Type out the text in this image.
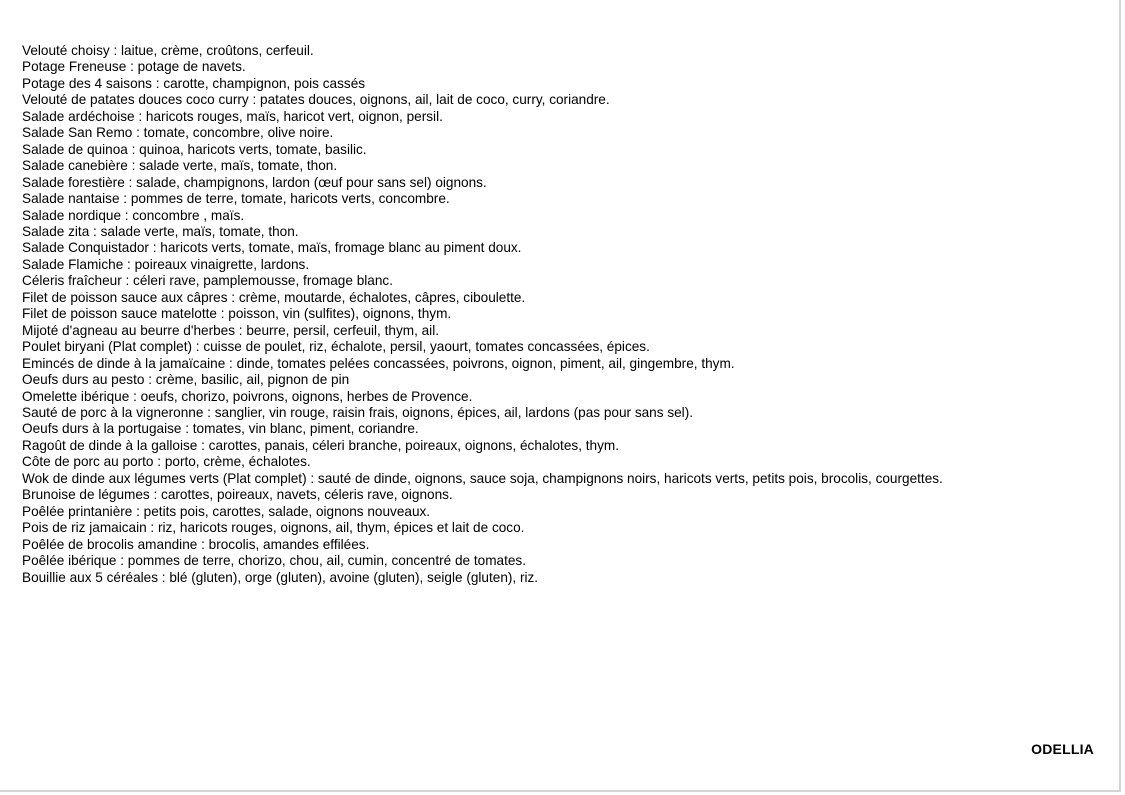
Velouté choisy : laitue, crème, croûtons, cerfeuil.
Potage Freneuse : potage de navets.
Potage des 4 saisons : carotte, champignon, pois cassés
Velouté de patates douces coco curry : patates douces, oignons, ail, lait de coco, curry, coriandre.
Salade ardéchoise : haricots rouges, maïs, haricot vert, oignon, persil.
Salade San Remo : tomate, concombre, olive noire.
Salade de quinoa : quinoa, haricots verts, tomate, basilic.
Salade canebière : salade verte, maïs, tomate, thon.
Salade forestière : salade, champignons, lardon (œuf pour sans sel) oignons.
Salade nantaise : pommes de terre, tomate, haricots verts, concombre.
Salade nordique : concombre , maïs.
Salade zita : salade verte, maïs, tomate, thon.
Salade Conquistador : haricots verts, tomate, maïs, fromage blanc au piment doux.
Salade Flamiche : poireaux vinaigrette, lardons.
Céleris fraîcheur : céleri rave, pamplemousse, fromage blanc.
Filet de poisson sauce aux câpres : crème, moutarde, échalotes, câpres, ciboulette.
Filet de poisson sauce matelotte : poisson, vin (sulfites), oignons, thym.
Mijoté d'agneau au beurre d'herbes : beurre, persil, cerfeuil, thym, ail.
Poulet biryani (Plat complet) : cuisse de poulet, riz, échalote, persil, yaourt, tomates concassées, épices.
Emincés de dinde à la jamaïcaine : dinde, tomates pelées concassées, poivrons, oignon, piment, ail, gingembre, thym.
Oeufs durs au pesto : crème, basilic, ail, pignon de pin
Omelette ibérique : oeufs, chorizo, poivrons, oignons, herbes de Provence.
Sauté de porc à la vigneronne : sanglier, vin rouge, raisin frais, oignons, épices, ail, lardons (pas pour sans sel).
Oeufs durs à la portugaise : tomates, vin blanc, piment, coriandre.
Ragoût de dinde à la galloise : carottes, panais, céleri branche, poireaux, oignons, échalotes, thym.
Côte de porc au porto : porto, crème, échalotes.
Wok de dinde aux légumes verts (Plat complet) : sauté de dinde, oignons, sauce soja, champignons noirs, haricots verts, petits pois, brocolis, courgettes.
Brunoise de légumes : carottes, poireaux, navets, céleris rave, oignons.
Poêlée printanière : petits pois, carottes, salade, oignons nouveaux.
Pois de riz jamaicain : riz, haricots rouges, oignons, ail, thym, épices et lait de coco.
Poêlée de brocolis amandine : brocolis, amandes effilées.
Poêlée ibérique : pommes de terre, chorizo, chou, ail, cumin, concentré de tomates.
Bouillie aux 5 céréales : blé (gluten), orge (gluten), avoine (gluten), seigle (gluten), riz.
ODELLIA
